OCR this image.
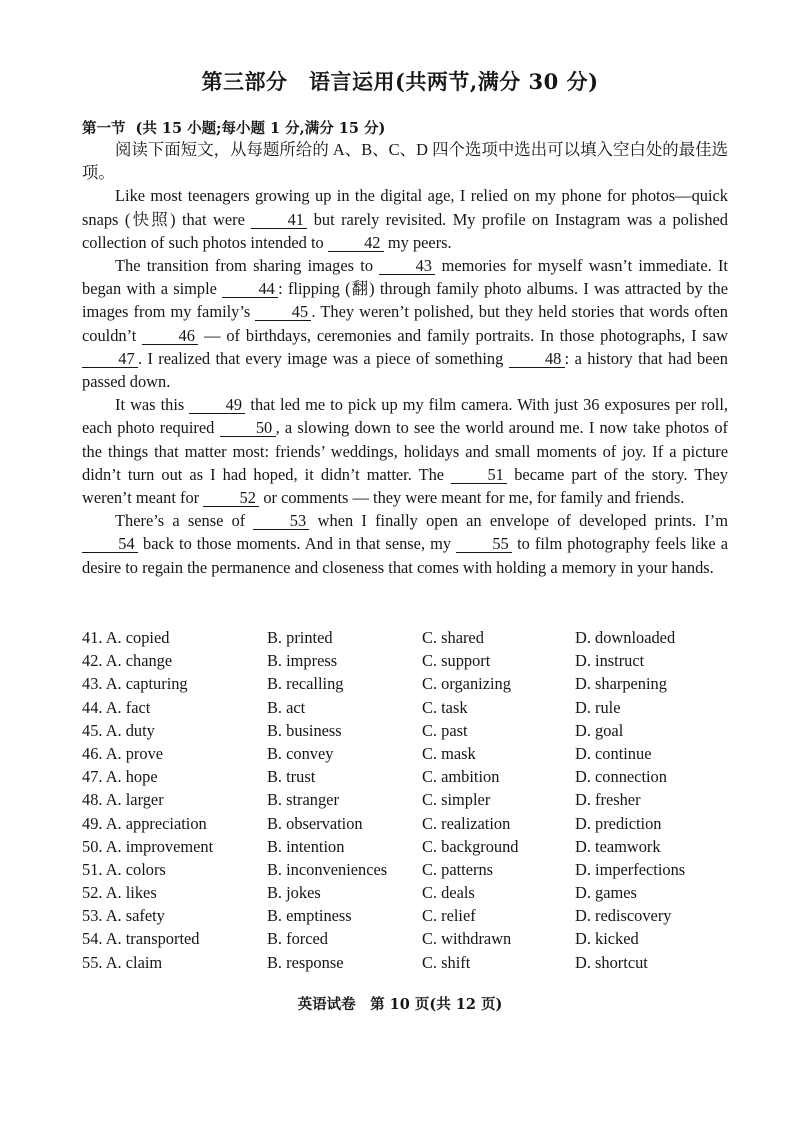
第三部分　语言运用(共两节,满分 30 分)
第一节 (共 15 小题;每小题 1 分,满分 15 分)

阅读下面短文，从每题所给的 A、B、C、D 四个选项中选出可以填入空白处的最佳选项。

Like most teenagers growing up in the digital age, I relied on my phone for photos—quick snaps (快照) that were 41 but rarely revisited. My profile on Instagram was a polished collection of such photos intended to 42 my peers.

The transition from sharing images to 43 memories for myself wasn’t immediate. It began with a simple 44 : flipping (翻) through family photo albums. I was attracted by the images from my family’s 45 . They weren’t polished, but they held stories that words often couldn’t 46 — of birthdays, ceremonies and family portraits. In those photographs, I saw 47 . I realized that every image was a piece of something 48 : a history that had been passed down.

It was this 49 that led me to pick up my film camera. With just 36 exposures per roll, each photo required 50 , a slowing down to see the world around me. I now take photos of the things that matter most: friends’ weddings, holidays and small moments of joy. If a picture didn’t turn out as I had hoped, it didn’t matter. The 51 became part of the story. They weren’t meant for 52 or comments — they were meant for me, for family and friends.

There’s a sense of 53 when I finally open an envelope of developed prints. I’m 54 back to those moments. And in that sense, my 55 to film photography feels like a desire to regain the permanence and closeness that comes with holding a memory in your hands.

41. A. copied	B. printed	C. shared	D. downloaded
42. A. change	B. impress	C. support	D. instruct
43. A. capturing	B. recalling	C. organizing	D. sharpening
44. A. fact	B. act	C. task	D. rule
45. A. duty	B. business	C. past	D. goal
46. A. prove	B. convey	C. mask	D. continue
47. A. hope	B. trust	C. ambition	D. connection
48. A. larger	B. stranger	C. simpler	D. fresher
49. A. appreciation	B. observation	C. realization	D. prediction
50. A. improvement	B. intention	C. background	D. teamwork
51. A. colors	B. inconveniences	C. patterns	D. imperfections
52. A. likes	B. jokes	C. deals	D. games
53. A. safety	B. emptiness	C. relief	D. rediscovery
54. A. transported	B. forced	C. withdrawn	D. kicked
55. A. claim	B. response	C. shift	D. shortcut
英语试卷　第 10 页(共 12 页)
